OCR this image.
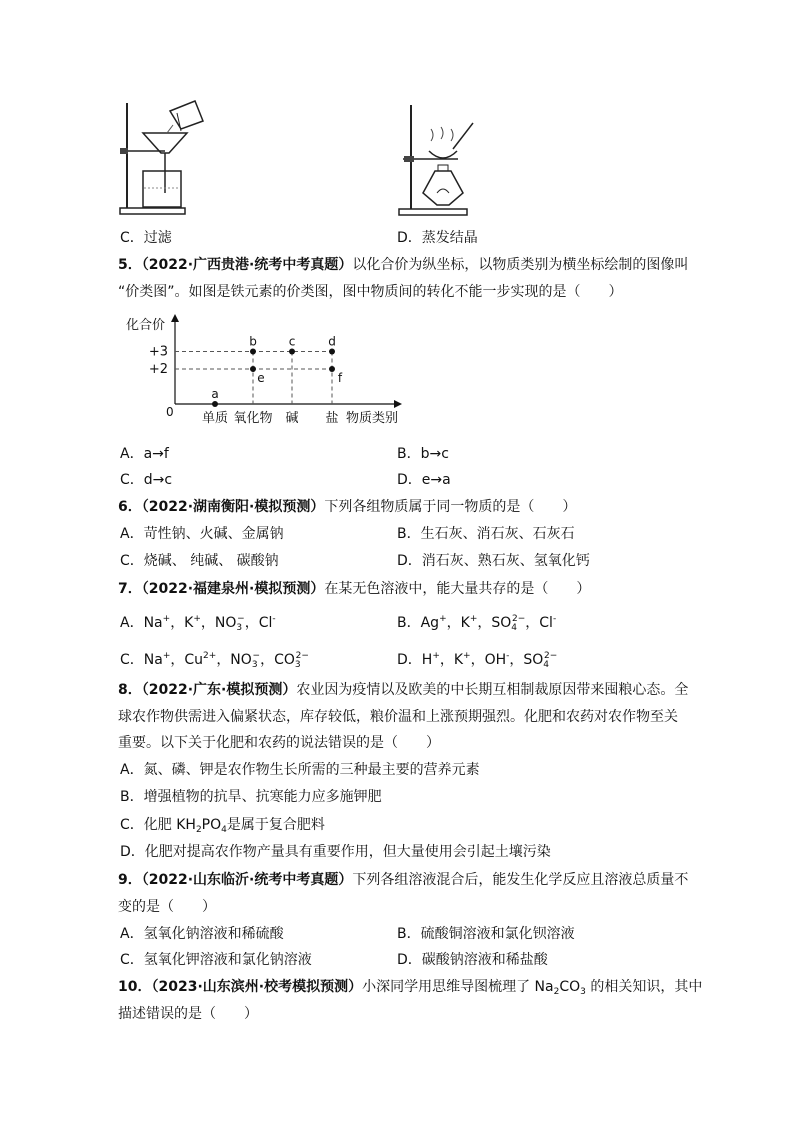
C．过滤	D．蒸发结晶
5．（2022·广西贵港·统考中考真题）以化合价为纵坐标，以物质类别为横坐标绘制的图像叫
“价类图”。如图是铁元素的价类图，图中物质间的转化不能一步实现的是（　　）
化合价
物质类别
0 单质 氧化物 碱 盐
+3
+2
a
b	c	d
e	f
A．a→f	B．b→c
C．d→c	D．e→a
6．（2022·湖南衡阳·模拟预测）下列各组物质属于同一物质的是（　　）
A．苛性钠、火碱、金属钠	B．生石灰、消石灰、石灰石
C．烧碱、 纯碱、 碳酸钠	D．消石灰、熟石灰、氢氧化钙
7．（2022·福建泉州·模拟预测）在某无色溶液中，能大量共存的是（　　）
A．Na+，K+，$NO_3^-$，Cl-	B．Ag+，K+，$SO_4^{2-}$，Cl-
C．Na+，$Cu^{2+}$，$NO_3^-$，$CO_3^{2-}$	D．H+，K+，OH-，$SO_4^{2-}$
8．（2022·广东·模拟预测）农业因为疫情以及欧美的中长期互相制裁原因带来囤粮心态。全
球农作物供需进入偏紧状态，库存较低，粮价温和上涨预期强烈。化肥和农药对农作物至关
重要。以下关于化肥和农药的说法错误的是（　　）
A．氮、磷、钾是农作物生长所需的三种最主要的营养元素
B．增强植物的抗旱、抗寒能力应多施钾肥
C．化肥 $KH_2PO_4$是属于复合肥料
D．化肥对提高农作物产量具有重要作用，但大量使用会引起土壤污染
9．（2022·山东临沂·统考中考真题）下列各组溶液混合后，能发生化学反应且溶液总质量不
变的是（　　）
A．氢氧化钠溶液和稀硫酸	B．硫酸铜溶液和氯化钡溶液
C．氢氧化钾溶液和氯化钠溶液	D．碳酸钠溶液和稀盐酸
10．（2023·山东滨州·校考模拟预测）小深同学用思维导图梳理了 $Na_2CO_3$ 的相关知识，其中
描述错误的是（　　）
